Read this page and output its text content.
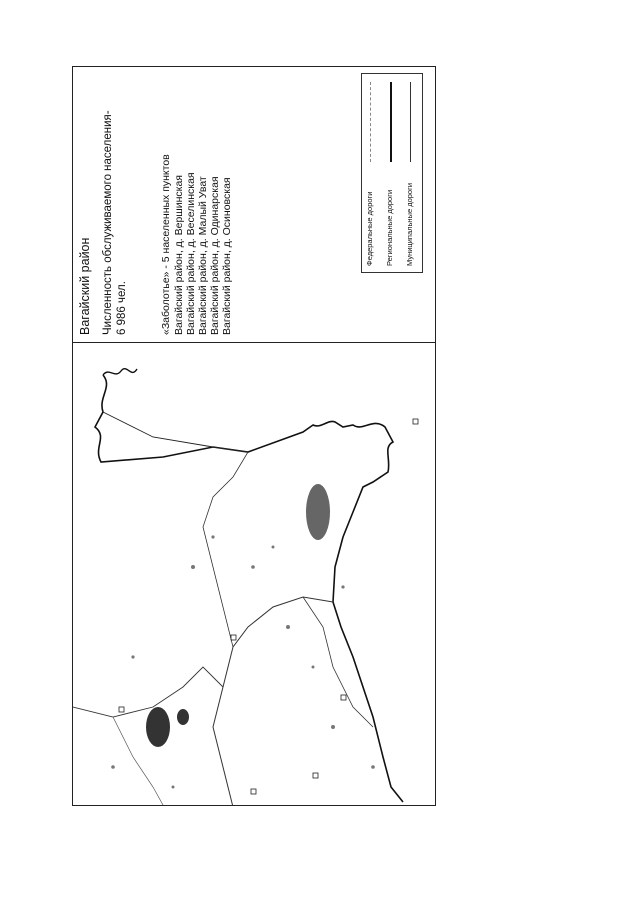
Вагайский район Численность обслуживаемого населения- 6 986 чел.	«Заболотье» - 5 населенных пунктов Вагайский район, д. Вершинская Вагайский район, д. Веселинская Вагайский район, д. Малый Уват Вагайский район, д. Одинарская Вагайский район, д. Осиновская	Федеральные дороги Региональные дороги Муниципальные дороги
